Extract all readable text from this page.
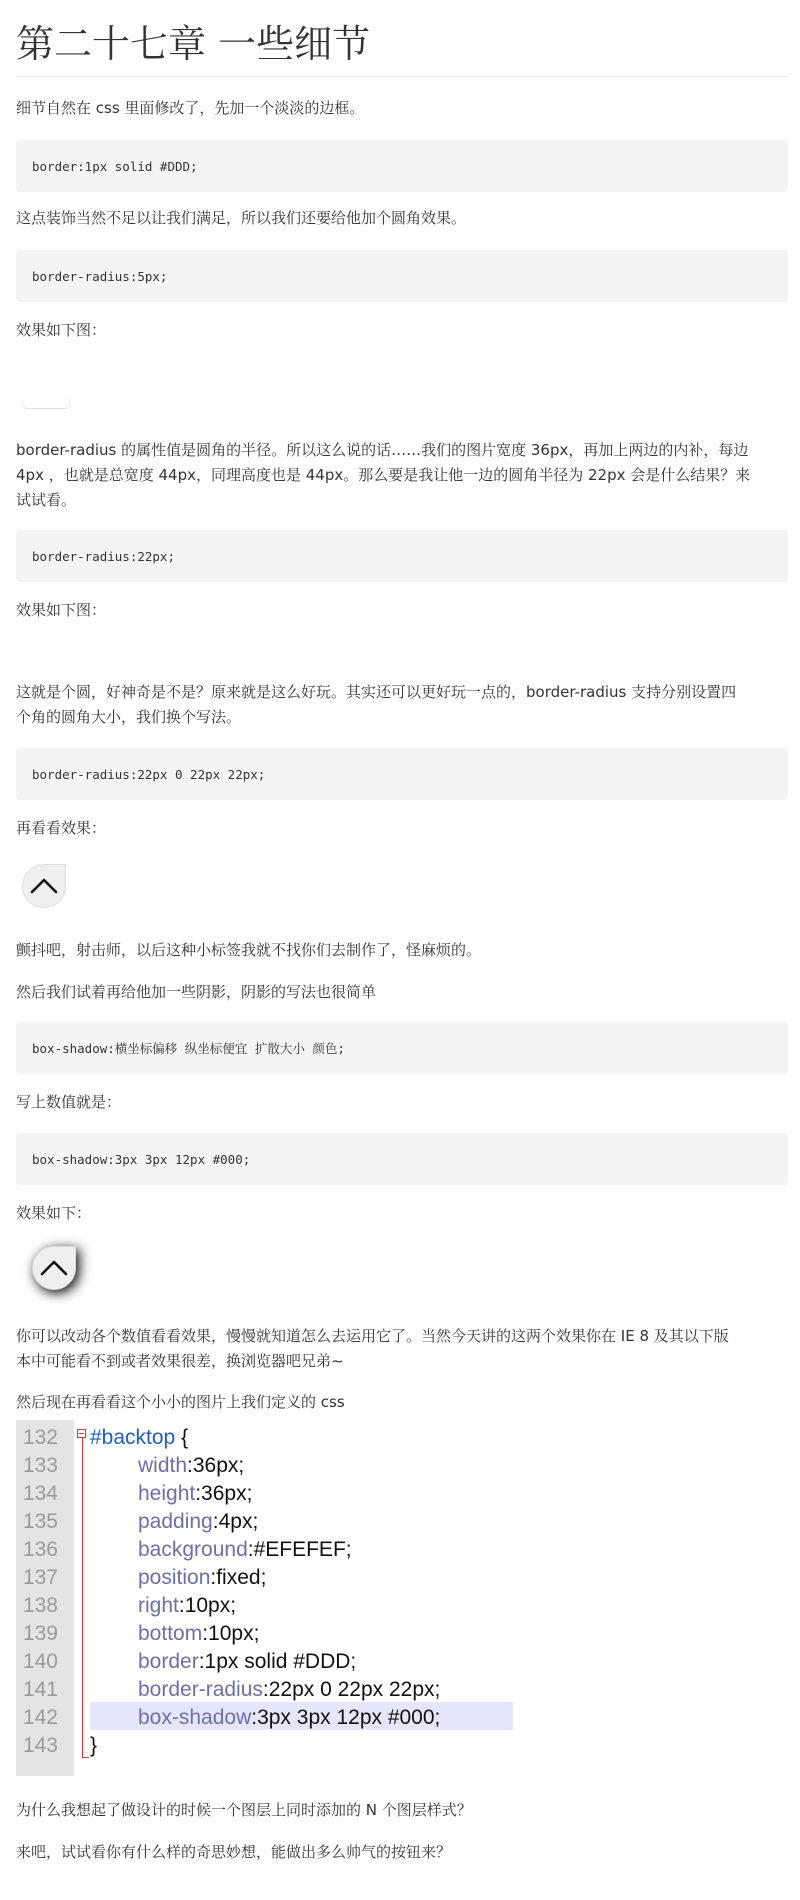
第二十七章 一些细节

细节自然在 css 里面修改了，先加一个淡淡的边框。

border:1px solid #DDD;

这点装饰当然不足以让我们满足，所以我们还要给他加个圆角效果。

border-radius:5px;

效果如下图：

border-radius 的属性值是圆角的半径。所以这么说的话……我们的图片宽度 36px，再加上两边的内补，每边

4px ，也就是总宽度 44px，同理高度也是 44px。那么要是我让他一边的圆角半径为 22px 会是什么结果？来

试试看。

border-radius:22px;

效果如下图：

这就是个圆，好神奇是不是？原来就是这么好玩。其实还可以更好玩一点的，border-radius 支持分别设置四

个角的圆角大小，我们换个写法。

border-radius:22px 0 22px 22px;

再看看效果：

颤抖吧，射击师，以后这种小标签我就不找你们去制作了，怪麻烦的。

然后我们试着再给他加一些阴影，阴影的写法也很简单

box-shadow:横坐标偏移 纵坐标便宜 扩散大小 颜色;

写上数值就是：

box-shadow:3px 3px 12px #000;

效果如下：

你可以改动各个数值看看效果，慢慢就知道怎么去运用它了。当然今天讲的这两个效果你在 IE 8 及其以下版

本中可能看不到或者效果很差，换浏览器吧兄弟~

然后现在再看看这个小小的图片上我们定义的 css

132
133
134
135
136
137
138
139
140
141
142
143
#backtop {
width:36px;
height:36px;
padding:4px;
background:#EFEFEF;
position:fixed;
right:10px;
bottom:10px;
border:1px solid #DDD;
border-radius:22px 0 22px 22px;
box-shadow:3px 3px 12px #000;
}

为什么我想起了做设计的时候一个图层上同时添加的 N 个图层样式？

来吧，试试看你有什么样的奇思妙想，能做出多么帅气的按钮来？
